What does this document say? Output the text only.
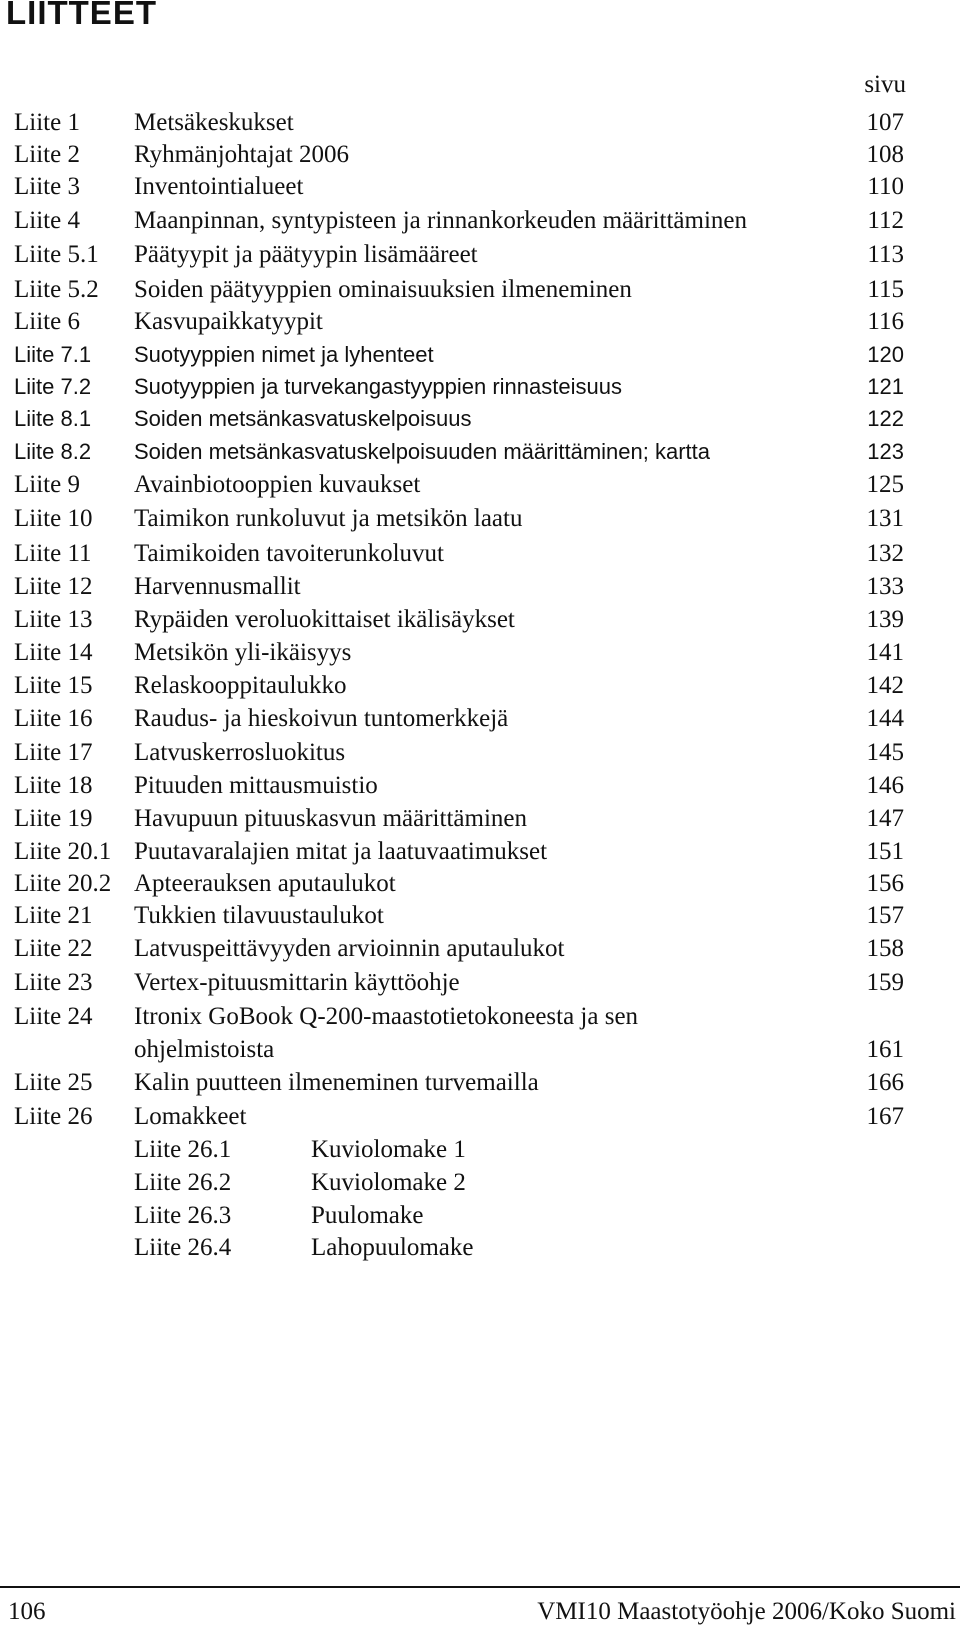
LIITTEET
sivu
Liite 1 Metsäkeskukset	107
Liite 2 Ryhmänjohtajat 2006	108
Liite 3 Inventointialueet	110
Liite 4 Maanpinnan, syntypisteen ja rinnankorkeuden määrittäminen	112
Liite 5.1 Päätyypit ja päätyypin lisämääreet	113
Liite 5.2 Soiden päätyyppien ominaisuuksien ilmeneminen	115
Liite 6 Kasvupaikkatyypit	116
Liite 7.1 Suotyyppien nimet ja lyhenteet	120
Liite 7.2 Suotyyppien ja turvekangastyyppien rinnasteisuus	121
Liite 8.1 Soiden metsänkasvatuskelpoisuus	122
Liite 8.2 Soiden metsänkasvatuskelpoisuuden määrittäminen; kartta	123
Liite 9 Avainbiotooppien kuvaukset	125
Liite 10 Taimikon runkoluvut ja metsikön laatu	131
Liite 11 Taimikoiden tavoiterunkoluvut	132
Liite 12 Harvennusmallit	133
Liite 13 Rypäiden veroluokittaiset ikälisäykset	139
Liite 14 Metsikön yli-ikäisyys	141
Liite 15 Relaskooppitaulukko	142
Liite 16 Raudus- ja hieskoivun tuntomerkkejä	144
Liite 17 Latvuskerrosluokitus	145
Liite 18 Pituuden mittausmuistio	146
Liite 19 Havupuun pituuskasvun määrittäminen	147
Liite 20.1 Puutavaralajien mitat ja laatuvaatimukset	151
Liite 20.2 Apteerauksen aputaulukot	156
Liite 21 Tukkien tilavuustaulukot	157
Liite 22 Latvuspeittävyyden arvioinnin aputaulukot	158
Liite 23 Vertex-pituusmittarin käyttöohje	159
Liite 24 Itronix GoBook Q-200-maastotietokoneesta ja sen
ohjelmistoista	161
Liite 25 Kalin puutteen ilmeneminen turvemailla	166
Liite 26 Lomakkeet	167
Liite 26.1	Kuviolomake 1
Liite 26.2	Kuviolomake 2
Liite 26.3	Puulomake
Liite 26.4	Lahopuulomake
106	VMI10 Maastotyöohje 2006/Koko Suomi
